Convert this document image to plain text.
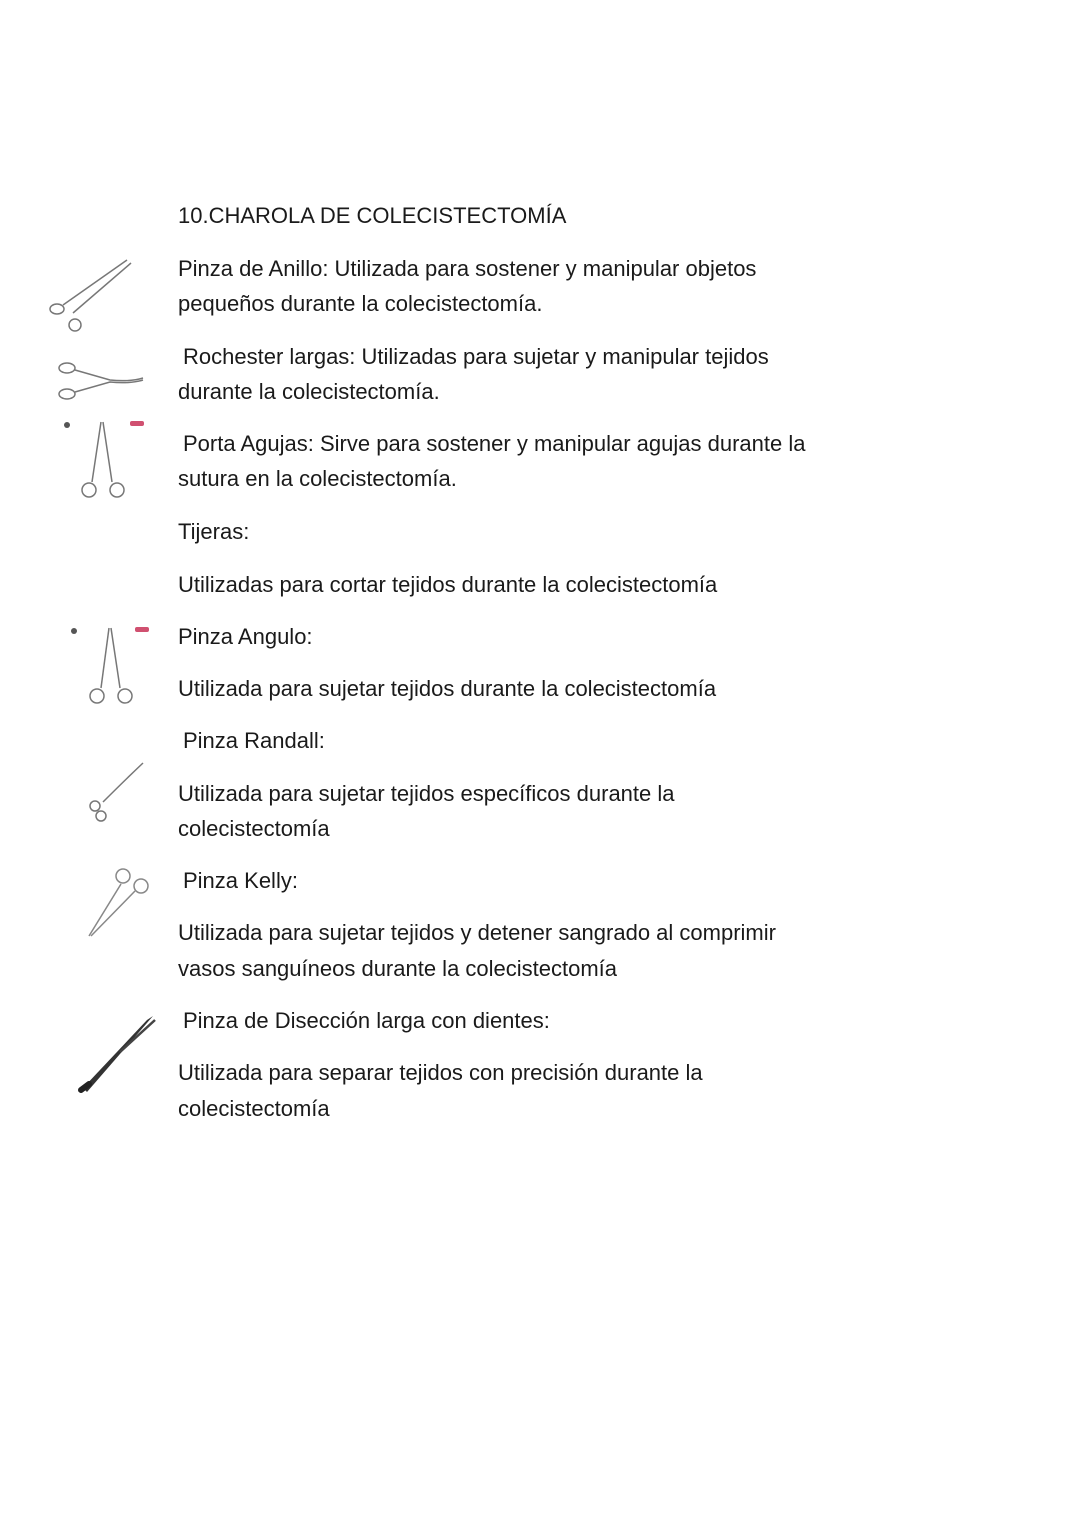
10.CHAROLA DE COLECISTECTOMÍA
Pinza de Anillo: Utilizada para sostener y manipular objetos
pequeños durante la colecistectomía.
Rochester largas: Utilizadas para sujetar y manipular tejidos
durante la colecistectomía.
Porta Agujas: Sirve para sostener y manipular agujas durante la
sutura en la colecistectomía.
Tijeras:
Utilizadas para cortar tejidos durante la colecistectomía
Pinza Angulo:
Utilizada para sujetar tejidos durante la colecistectomía
Pinza Randall:
Utilizada para sujetar tejidos específicos durante la
colecistectomía
Pinza Kelly:
Utilizada para sujetar tejidos y detener sangrado al comprimir
vasos sanguíneos durante la colecistectomía
Pinza de Disección larga con dientes:
Utilizada para separar tejidos con precisión durante la
colecistectomía
